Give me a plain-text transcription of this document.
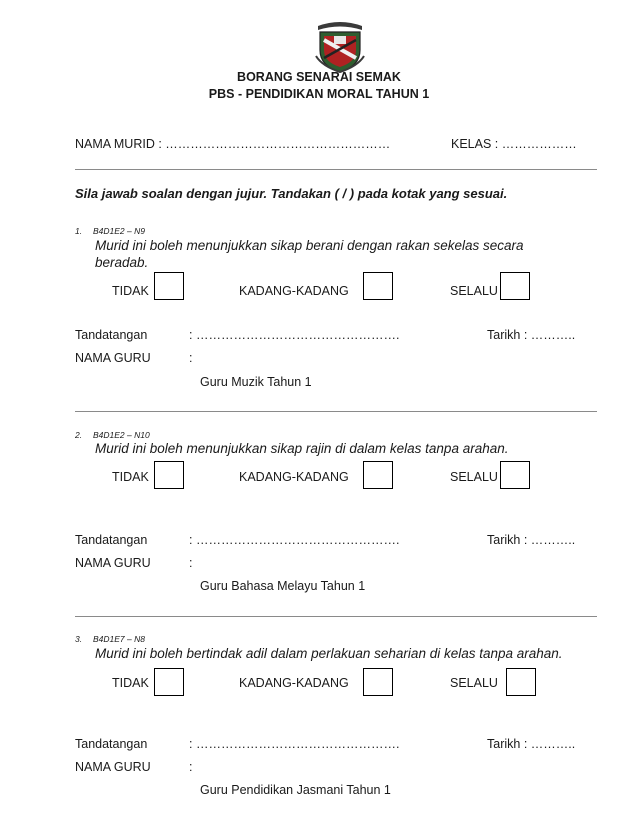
BORANG SENARAI SEMAK
PBS - PENDIDIKAN MORAL TAHUN 1
NAMA MURID : ………………………………………………	KELAS : ………………
Sila jawab soalan dengan jujur. Tandakan ( / ) pada kotak yang sesuai.
1. B4D1E2 – N9
Murid ini boleh menunjukkan sikap berani dengan rakan sekelas secara
beradab.
TIDAK	KADANG-KADANG	SELALU
Tandatangan	: ………………………………………….	Tarikh : ………..
NAMA GURU	:
Guru Muzik Tahun 1
2. B4D1E2 – N10
Murid ini boleh menunjukkan sikap rajin di dalam kelas tanpa arahan.
TIDAK	KADANG-KADANG	SELALU
Tandatangan	: ………………………………………….	Tarikh : ………..
NAMA GURU	:
Guru Bahasa Melayu Tahun 1
3. B4D1E7 – N8
Murid ini boleh bertindak adil dalam perlakuan seharian di kelas tanpa arahan.
TIDAK	KADANG-KADANG	SELALU
Tandatangan	: ………………………………………….	Tarikh : ………..
NAMA GURU	:
Guru Pendidikan Jasmani Tahun 1
